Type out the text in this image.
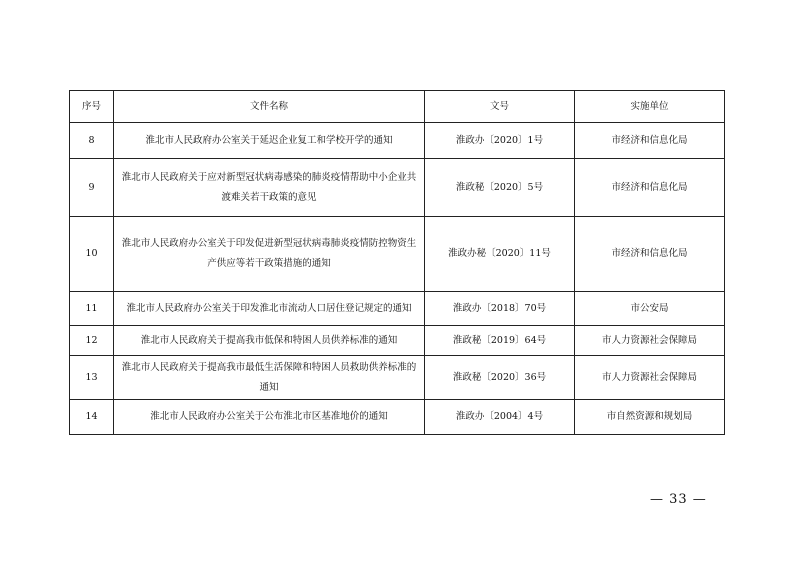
序号	文件名称	文号	实施单位
8	淮北市人民政府办公室关于延迟企业复工和学校开学的通知	淮政办〔2020〕1号	市经济和信息化局
9	淮北市人民政府关于应对新型冠状病毒感染的肺炎疫情帮助中小企业共渡难关若干政策的意见	淮政秘〔2020〕5号	市经济和信息化局
10	淮北市人民政府办公室关于印发促进新型冠状病毒肺炎疫情防控物资生产供应等若干政策措施的通知	淮政办秘〔2020〕11号	市经济和信息化局
11	淮北市人民政府办公室关于印发淮北市流动人口居住登记规定的通知	淮政办〔2018〕70号	市公安局
12	淮北市人民政府关于提高我市低保和特困人员供养标准的通知	淮政秘〔2019〕64号	市人力资源社会保障局
13	淮北市人民政府关于提高我市最低生活保障和特困人员救助供养标准的通知	淮政秘〔2020〕36号	市人力资源社会保障局
14	淮北市人民政府办公室关于公布淮北市区基准地价的通知	淮政办〔2004〕4号	市自然资源和规划局
— 33 —
